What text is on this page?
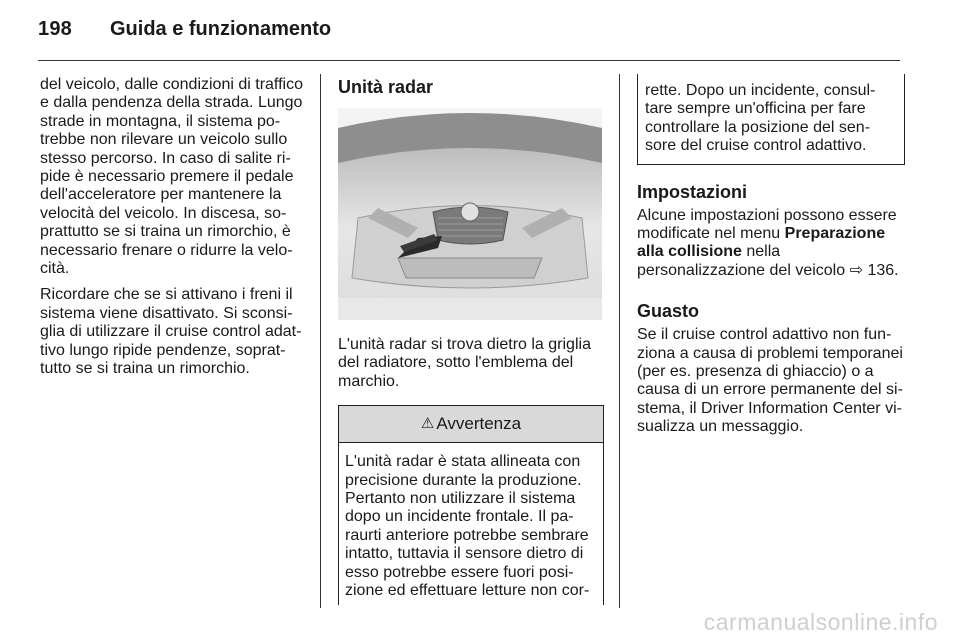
198 Guida e funzionamento

del veicolo, dalle condizioni di traffico e dalla pendenza della strada. Lungo strade in montagna, il sistema po-trebbe non rilevare un veicolo sullo stesso percorso. In caso di salite ri-pide è necessario premere il pedale dell'acceleratore per mantenere la velocità del veicolo. In discesa, so-prattutto se si traina un rimorchio, è necessario frenare o ridurre la velo-cità.

Ricordare che se si attivano i freni il sistema viene disattivato. Si sconsi-glia di utilizzare il cruise control adat-tivo lungo ripide pendenze, soprat-tutto se si traina un rimorchio.

Unità radar

L'unità radar si trova dietro la griglia del radiatore, sotto l'emblema del marchio.

⚠ Avvertenza
L'unità radar è stata allineata con precisione durante la produzione. Pertanto non utilizzare il sistema dopo un incidente frontale. Il pa-raurti anteriore potrebbe sembrare intatto, tuttavia il sensore dietro di esso potrebbe essere fuori posi-zione ed effettuare letture non cor-
rette. Dopo un incidente, consul-tare sempre un'officina per fare controllare la posizione del sen-sore del cruise control adattivo.
Impostazioni

Alcune impostazioni possono essere modificate nel menu Preparazione alla collisione nella personalizzazione del veicolo ⇨ 136.

Guasto

Se il cruise control adattivo non fun-ziona a causa di problemi temporanei (per es. presenza di ghiaccio) o a causa di un errore permanente del si-stema, il Driver Information Center vi-sualizza un messaggio.

carmanualsonline.info
